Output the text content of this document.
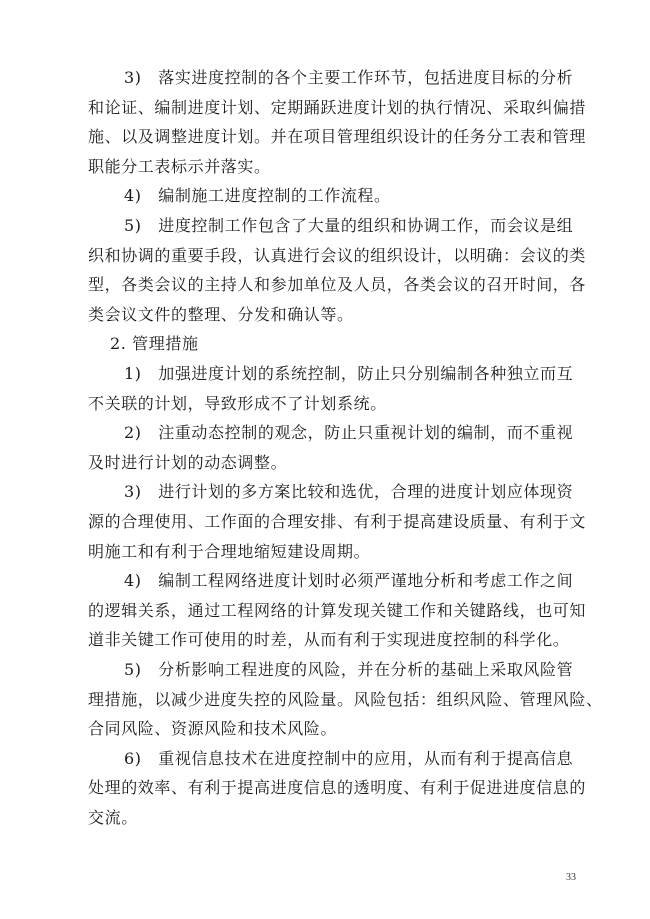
3)　落实进度控制的各个主要工作环节，包括进度目标的分析
和论证、编制进度计划、定期踊跃进度计划的执行情况、采取纠偏措
施、以及调整进度计划。并在项目管理组织设计的任务分工表和管理
职能分工表标示并落实。
4)　编制施工进度控制的工作流程。
5)　进度控制工作包含了大量的组织和协调工作，而会议是组
织和协调的重要手段，认真进行会议的组织设计，以明确：会议的类
型，各类会议的主持人和参加单位及人员，各类会议的召开时间，各
类会议文件的整理、分发和确认等。
2. 管理措施
1)　加强进度计划的系统控制，防止只分别编制各种独立而互
不关联的计划，导致形成不了计划系统。
2)　注重动态控制的观念，防止只重视计划的编制，而不重视
及时进行计划的动态调整。
3)　进行计划的多方案比较和选优，合理的进度计划应体现资
源的合理使用、工作面的合理安排、有利于提高建设质量、有利于文
明施工和有利于合理地缩短建设周期。
4)　编制工程网络进度计划时必须严谨地分析和考虑工作之间
的逻辑关系，通过工程网络的计算发现关键工作和关键路线，也可知
道非关键工作可使用的时差，从而有利于实现进度控制的科学化。
5)　分析影响工程进度的风险，并在分析的基础上采取风险管
理措施，以减少进度失控的风险量。风险包括：组织风险、管理风险、
合同风险、资源风险和技术风险。
6)　重视信息技术在进度控制中的应用，从而有利于提高信息
处理的效率、有利于提高进度信息的透明度、有利于促进进度信息的
交流。
33
